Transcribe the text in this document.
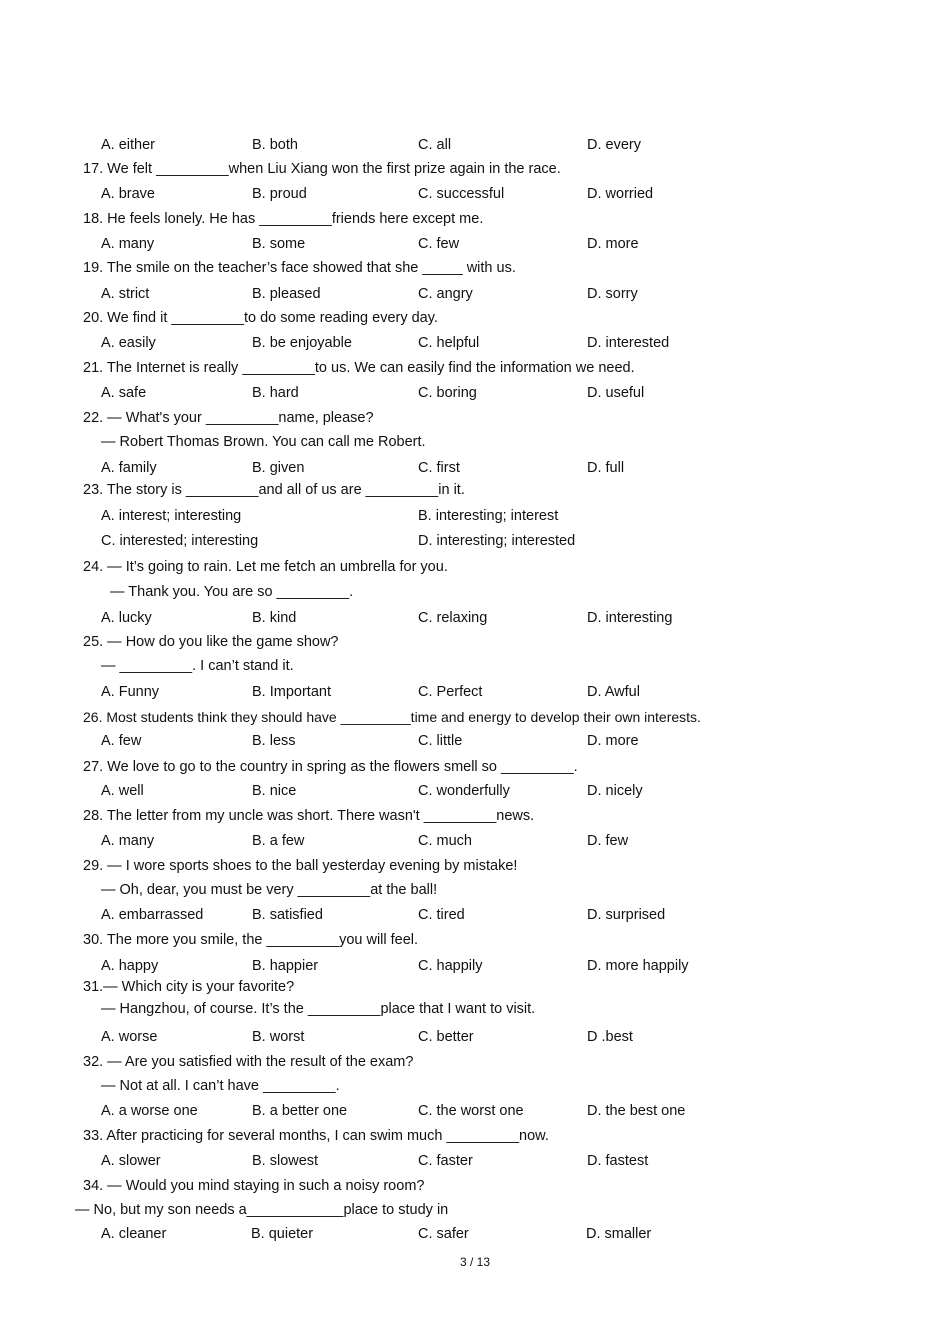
A. either	B. both	C. all	D. every
17. We felt _________when Liu Xiang won the first prize again in the race.
A. brave	B. proud	C. successful	D. worried
18. He feels lonely. He has _________friends here except me.
A. many	B. some	C. few	D. more
19. The smile on the teacher’s face showed that she _____ with us.
A. strict	B. pleased	C. angry	D. sorry
20. We find it _________to do some reading every day.
A. easily	B. be enjoyable	C. helpful	D. interested
21. The Internet is really _________to us. We can easily find the information we need.
A. safe	B. hard	C. boring	D. useful
22. — What's your _________name, please?
— Robert Thomas Brown. You can call me Robert.
A. family	B. given	C. first	D. full
23. The story is _________and all of us are _________in it.
A. interest; interesting	B. interesting; interest
C. interested; interesting	D. interesting; interested
24. — It’s going to rain. Let me fetch an umbrella for you.
— Thank you. You are so _________.
A. lucky	B. kind	C. relaxing	D. interesting
25. — How do you like the game show?
— _________. I can’t stand it.
A. Funny	B. Important	C. Perfect	D. Awful
26. Most students think they should have _________time and energy to develop their own interests.
A. few	B. less	C. little	D. more
27. We love to go to the country in spring as the flowers smell so _________.
A. well	B. nice	C. wonderfully	D. nicely
28. The letter from my uncle was short. There wasn't _________news.
A. many	B. a few	C. much	D. few
29. — I wore sports shoes to the ball yesterday evening by mistake!
— Oh, dear, you must be very _________at the ball!
A. embarrassed	B. satisfied	C. tired	D. surprised
30. The more you smile, the _________you will feel.
A. happy	B. happier	C. happily	D. more happily
31.— Which city is your favorite?
— Hangzhou, of course. It’s the _________place that I want to visit.
A. worse	B. worst	C. better	D .best
32. — Are you satisfied with the result of the exam?
— Not at all. I can’t have _________.
A. a worse one	B. a better one	C. the worst one	D. the best one
33. After practicing for several months, I can swim much _________now.
A. slower	B. slowest	C. faster	D. fastest
34. — Would you mind staying in such a noisy room?
— No, but my son needs a____________place to study in
A. cleaner	B. quieter	C. safer	D. smaller
3 / 13
